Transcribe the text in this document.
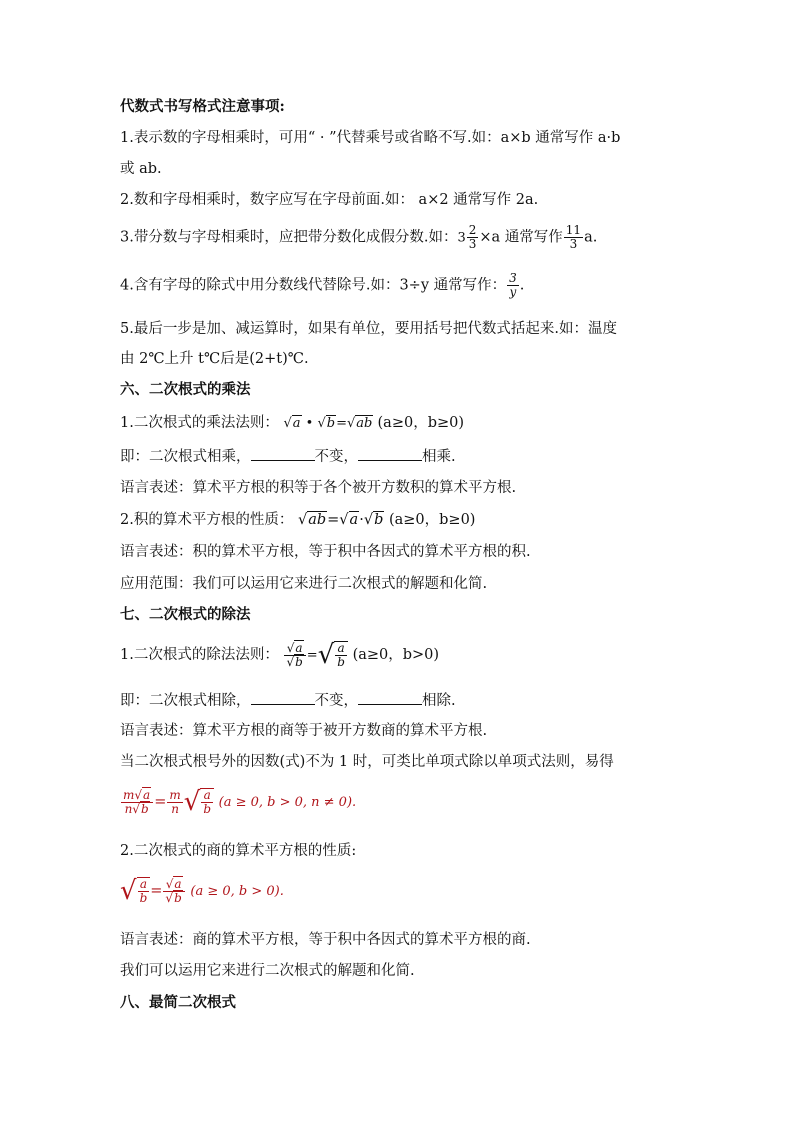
代数式书写格式注意事项:
1.表示数的字母相乘时，可用“ · ”代替乘号或省略不写.如：a×b 通常写作 a·b
或 ab.
2.数和字母相乘时，数字应写在字母前面.如： a×2 通常写作 2a.
3.带分数与字母相乘时，应把带分数化成假分数.如：$3 \frac{2}{3} \times a$ 通常写作 $\frac{11}{3} a$.
4.含有字母的除式中用分数线代替除号.如：3÷y 通常写作： $\frac{3}{y}$ .
5.最后一步是加、减运算时，如果有单位，要用括号把代数式括起来.如：温度
由 2℃上升 t℃后是(2+t)℃.
六、二次根式的乘法
1.二次根式的乘法法则： √a • √b=√ab (a≥0，b≥0)
即：二次根式相乘，	不变，	相乘.
语言表述：算术平方根的积等于各个被开方数积的算术平方根.
2.积的算术平方根的性质： √ab=√a·√b (a≥0，b≥0)
语言表述：积的算术平方根，等于积中各因式的算术平方根的积.
应用范围：我们可以运用它来进行二次根式的解题和化简.
七、二次根式的除法
1.二次根式的除法法则： $\frac{√a}{√b}$ =√ $\frac{a}{b} (a\ge 0$，b>0)
即：二次根式相除，	不变，	相除.
语言表述：算术平方根的商等于被开方数商的算术平方根.
当二次根式根号外的因数(式)不为 1 时，可类比单项式除以单项式法则，易得
$\frac{m√a}{n√b} = \frac{m}{n}$ √ $\frac{a}{b} (a \ge 0$, b > 0, n ≠ 0).
2.二次根式的商的算术平方根的性质:
√ $\frac{a}{b} = \frac{√a}{√b} (a \ge 0$, b > 0).
语言表述：商的算术平方根，等于积中各因式的算术平方根的商.
我们可以运用它来进行二次根式的解题和化简.
八、最简二次根式
